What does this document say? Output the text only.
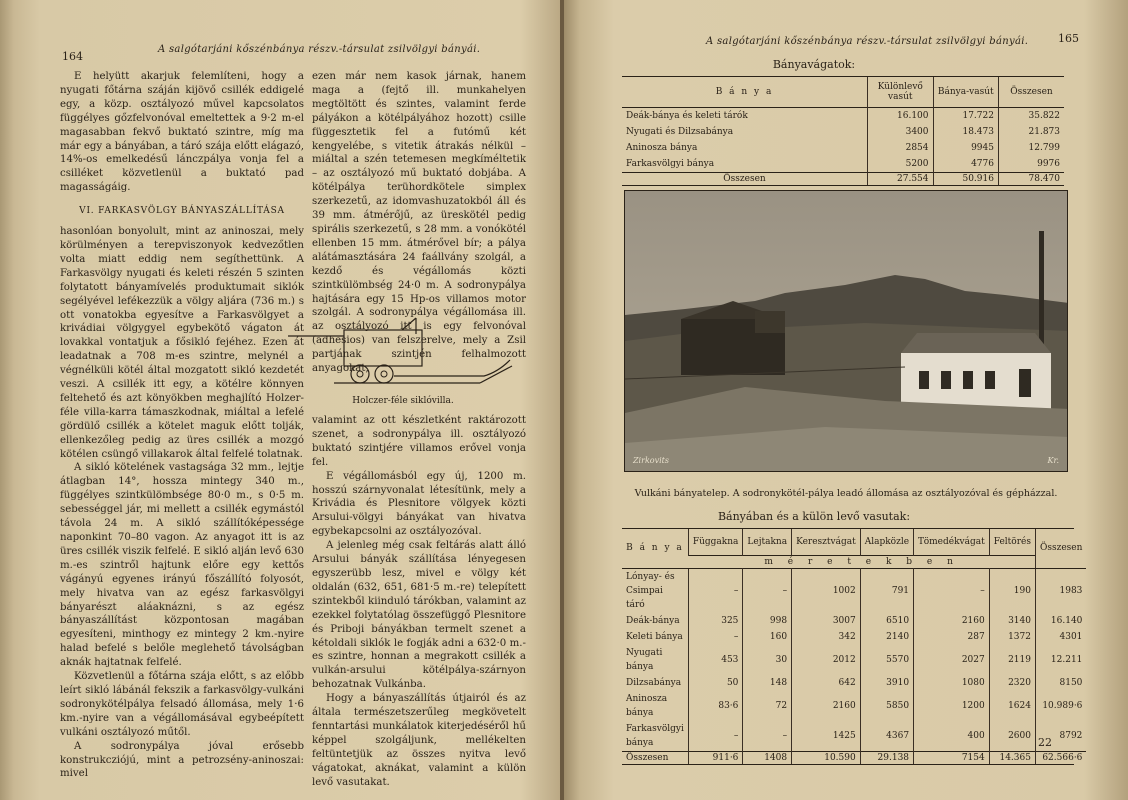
164
A salgótarjáni kőszénbánya részv.-társulat zsilvölgyi bányái.

E helyütt akarjuk felemlíteni, hogy a nyugati főtárna száján kijövő csillék eddigelé egy, a közp. osztályozó művel kapcsolatos függélyes gőzfelvonóval emeltettek a 9·2 m-el magasabban fekvő buktató szintre, míg ma már egy a bányában, a táró szája előtt elágazó, 14%-os emelkedésű lánczpálya vonja fel a csilléket közvetlenül a buktató pad magasságáig.

VI. FARKASVÖLGY BÁNYASZÁLLÍTÁSA

hasonlóan bonyolult, mint az aninoszai, mely körülményen a terepviszonyok kedvezőtlen volta miatt eddig nem segíthettünk. A Farkasvölgy nyugati és keleti részén 5 szinten folytatott bányamívelés produktumait siklók segélyével lefékezzük a völgy aljára (736 m.) s ott vonatokba egyesítve a Farkasvölgyet a krivádiai völgygyel egybekötő vágaton át lovakkal vontatjuk a fősikló fejéhez. Ezen át leadatnak a 708 m-es szintre, melynél a végnélküli kötél által mozgatott sikló kezdetét veszi. A csillék itt egy, a kötélre könnyen feltehető és azt könyökben meghajlító Holzer-féle villa-karra támaszkodnak, miáltal a lefelé gördülő csillék a kötelet maguk előtt tolják, ellenkezőleg pedig az üres csillék a mozgó kötélen csüngő villakarok által felfelé tolatnak.

A sikló kötelének vastagsága 32 mm., lejtje átlagban 14°, hossza mintegy 340 m., függélyes szintkülömbsége 80·0 m., s 0·5 m. sebességgel jár, mi mellett a csillék egymástól távola 24 m. A sikló szállítóképessége naponkint 70–80 vagon. Az anyagot itt is az üres csillék viszik felfelé. E sikló alján levő 630 m.-es szintről hajtunk előre egy kettős vágányú egyenes irányú főszállító folyosót, mely hivatva van az egész farkasvölgyi bányarészt aláaknázni, s az egész bányaszállítást központosan magában egyesíteni, minthogy ez mintegy 2 km.-nyire halad befelé s belőle meglehető távolságban aknák hajtatnak felfelé.

Közvetlenül a főtárna szája előtt, s az előbb leírt sikló lábánál fekszik a farkasvölgy-vulkáni sodronykötélpálya felsadó állomása, mely 1·6 km.-nyire van a végállomásával egybeépített vulkáni osztályozó műtől.

A sodronypálya jóval erősebb konstrukcziójú, mint a petrozsény-aninoszai: mivel

ezen már nem kasok járnak, hanem maga a (fejtő ill. munkahelyen megtöltött és szintes, valamint ferde pályákon a kötélpályához hozott) csille függesztetik fel a futómű két kengyelébe, s vitetik átrakás nélkül – miáltal a szén tetemesen megkíméltetik – az osztályozó mű buktató dobjába. A kötélpálya terühordkötele simplex szerkezetű, az idomvashuzatokból áll és 39 mm. átmérőjű, az üreskötél pedig spirális szerkezetű, s 28 mm. a vonókötél ellenben 15 mm. átmérővel bír; a pálya alátámasztására 24 faállvány szolgál, a kezdő és végállomás közti szintkülömbség 24·0 m. A sodronypálya hajtására egy 15 Hp-os villamos motor szolgál. A sodronypálya végállomása ill. az osztályozó itt is egy felvonóval (adhesios) van felszerelve, mely a Zsil partjának szintjén felhalmozott anyagokat,

Holczer-féle siklóvilla.

valamint az ott készletként raktározott szenet, a sodronypálya ill. osztályozó buktató szintjére villamos erővel vonja fel.

E végállomásból egy új, 1200 m. hosszú szárnyvonalat létesítünk, mely a Krivádia és Plesnitore völgyek közti Arsului-völgyi bányákat van hivatva egybekapcsolni az osztályozóval.

A jelenleg még csak feltárás alatt álló Arsului bányák szállítása lényegesen egyszerübb lesz, mivel e völgy két oldalán (632, 651, 681·5 m.-re) telepített szintekből kiinduló tárókban, valamint az ezekkel folytatólag összefüggő Plesnitore és Priboji bányákban termelt szenet a kétoldali siklók le fogják adni a 632·0 m.-es szintre, honnan a megrakott csillék a vulkán-arsului kötélpálya-szárnyon behozatnak Vulkánba.

Hogy a bányaszállítás útjairól és az általa természetszerűleg megkövetelt fenntartási munkálatok kiterjedéséről hű képpel szolgáljunk, mellékelten feltüntetjük az összes nyitva levő vágatokat, aknákat, valamint a külön levő vasutakat.

A salgótarjáni kőszénbánya részv.-társulat zsilvölgyi bányái.	165
Bányavágatok:
B á n y a	Különlevő vasút	Bánya-vasút	Összesen
Deák-bánya és keleti tárók	16.100	17.722	35.822
Nyugati és Dilzsabánya	3400	18.473	21.873
Aninosza bánya	2854	9945	12.799
Farkasvölgyi bánya	5200	4776	9976
Összesen	27.554	50.916	78.470
Zirkovits	Kr.
Vulkáni bányatelep. A sodronykötél-pálya leadó állomása az osztályozóval és gépházzal.
Bányában és a külön levő vasutak:
B á n y a	Függakna	Lejtakna	Keresztvágat	Alapközle	Tömedékvágat	Feltörés	Összesen
	m é r e t e k b e n						
Lónyay- és Csimpai táró	–	–	1002	791	–	190	1983
Deák-bánya	325	998	3007	6510	2160	3140	16.140
Keleti bánya	–	160	342	2140	287	1372	4301
Nyugati bánya	453	30	2012	5570	2027	2119	12.211
Dilzsabánya	50	148	642	3910	1080	2320	8150
Aninosza bánya	83·6	72	2160	5850	1200	1624	10.989·6
Farkasvölgyi bánya	–	–	1425	4367	400	2600	8792
Összesen	911·6	1408	10.590	29.138	7154	14.365	62.566·6
22
